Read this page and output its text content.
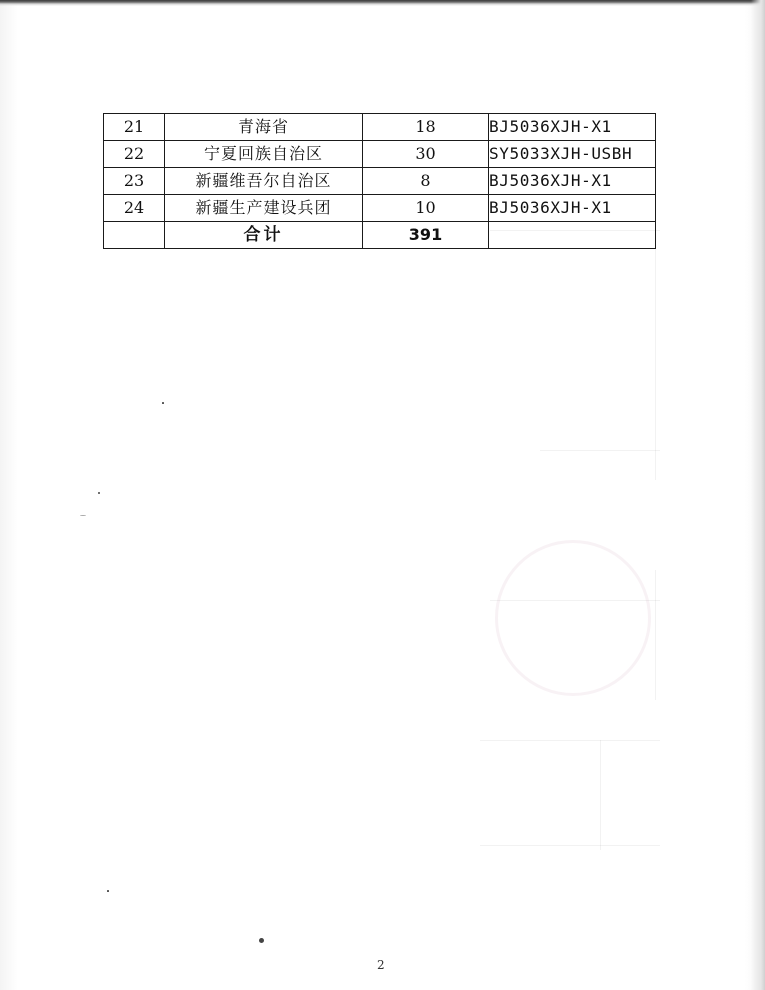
21	青海省	18	BJ5036XJH-X1
22	宁夏回族自治区	30	SY5033XJH-USBH
23	新疆维吾尔自治区	8	BJ5036XJH-X1
24	新疆生产建设兵团	10	BJ5036XJH-X1
	合计	391	
2
